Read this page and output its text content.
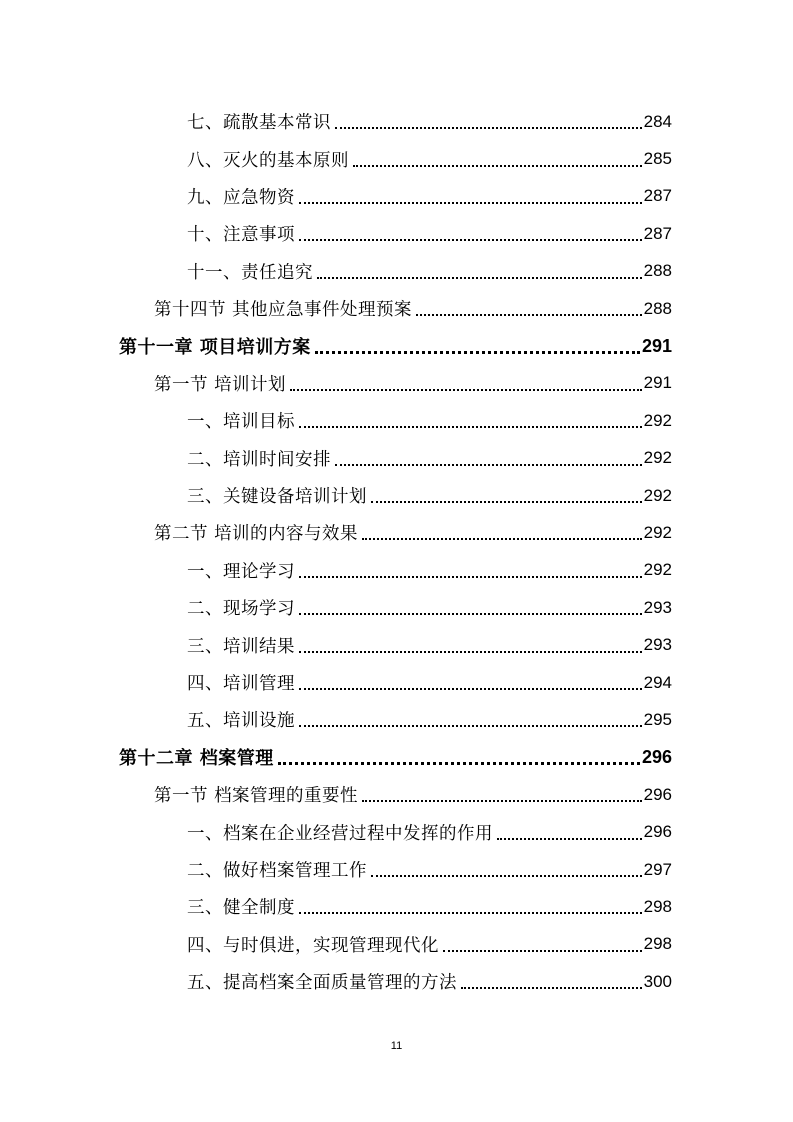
七、疏散基本常识	284
八、灭火的基本原则	285
九、应急物资	287
十、注意事项	287
十一、责任追究	288
第十四节 其他应急事件处理预案	288
第十一章 项目培训方案	291
第一节 培训计划	291
一、培训目标	292
二、培训时间安排	292
三、关键设备培训计划	292
第二节 培训的内容与效果	292
一、理论学习	292
二、现场学习	293
三、培训结果	293
四、培训管理	294
五、培训设施	295
第十二章 档案管理	296
第一节 档案管理的重要性	296
一、档案在企业经营过程中发挥的作用	296
二、做好档案管理工作	297
三、健全制度	298
四、与时俱进，实现管理现代化	298
五、提高档案全面质量管理的方法	300
11
